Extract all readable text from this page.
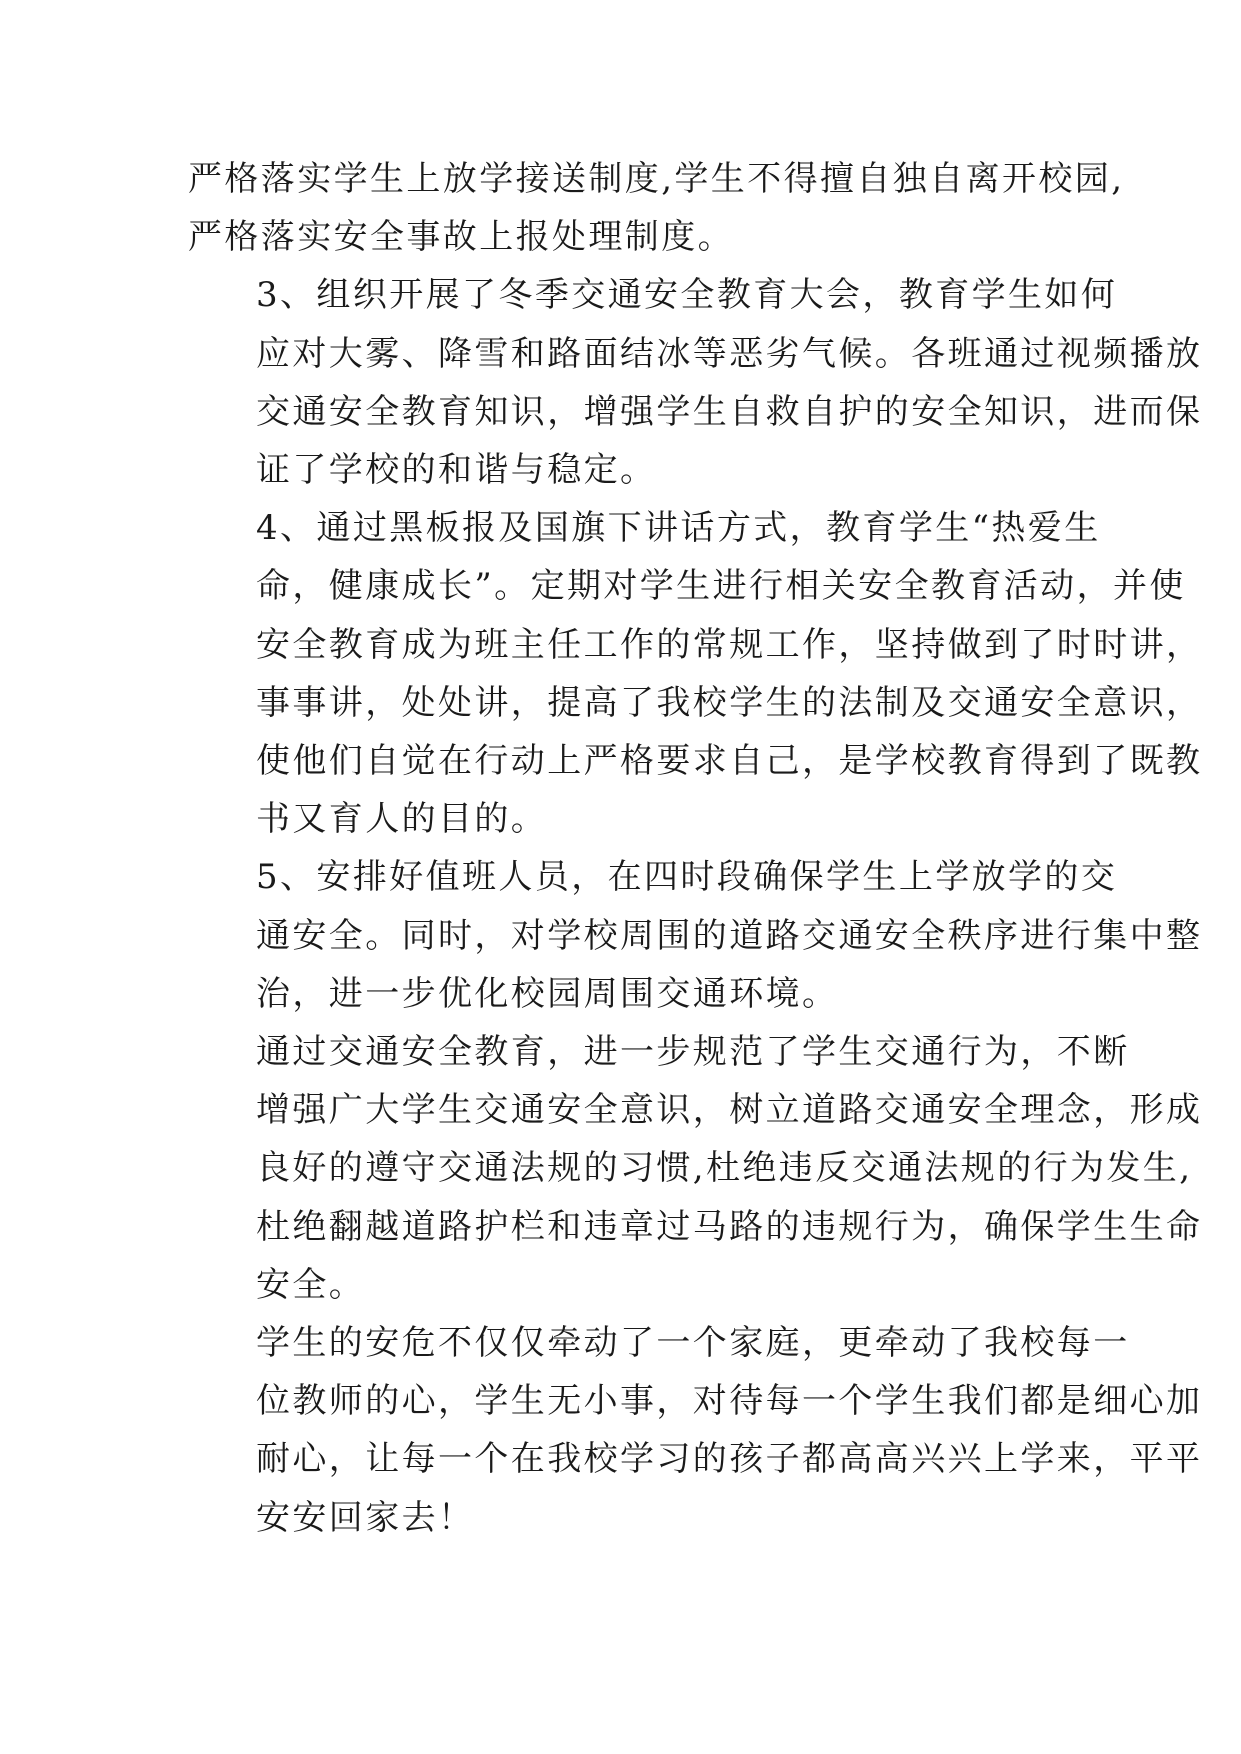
严格落实学生上放学接送制度,学生不得擅自独自离开校园,
严格落实安全事故上报处理制度。

3、组织开展了冬季交通安全教育大会，教育学生如何
应对大雾、降雪和路面结冰等恶劣气候。各班通过视频播放
交通安全教育知识，增强学生自救自护的安全知识，进而保
证了学校的和谐与稳定。

4、通过黑板报及国旗下讲话方式，教育学生“热爱生
命，健康成长”。定期对学生进行相关安全教育活动，并使
安全教育成为班主任工作的常规工作，坚持做到了时时讲，
事事讲，处处讲，提高了我校学生的法制及交通安全意识，
使他们自觉在行动上严格要求自己，是学校教育得到了既教
书又育人的目的。

5、安排好值班人员，在四时段确保学生上学放学的交
通安全。同时，对学校周围的道路交通安全秩序进行集中整
治，进一步优化校园周围交通环境。

通过交通安全教育，进一步规范了学生交通行为，不断
增强广大学生交通安全意识，树立道路交通安全理念，形成
良好的遵守交通法规的习惯,杜绝违反交通法规的行为发生,
杜绝翻越道路护栏和违章过马路的违规行为，确保学生生命
安全。

学生的安危不仅仅牵动了一个家庭，更牵动了我校每一
位教师的心，学生无小事，对待每一个学生我们都是细心加
耐心，让每一个在我校学习的孩子都高高兴兴上学来，平平
安安回家去！
